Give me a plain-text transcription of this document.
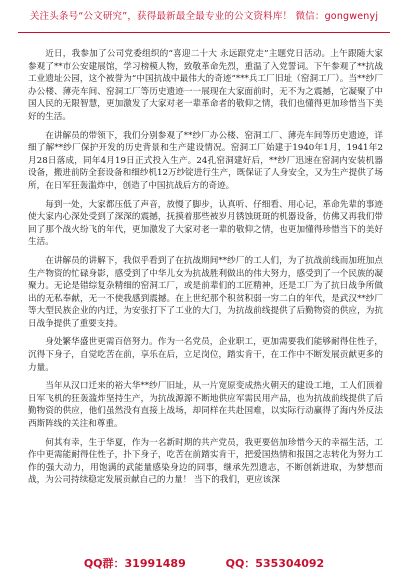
关注头条号“公文研究”，获得最新最全最专业的公文资料库！ 微信：gongwenyj

近日，我参加了公司党委组织的“喜迎二十大 永远跟党走”主题党日活动。上午跟随大家参观了**市公安建展馆，学习榜模人物，致敬革命先烈，重温了入党誓词。下午参观了**抗战工业遗址公园，这个被誉为“中国抗战中最伟大的奇迹”***兵工厂旧址（窑洞工厂）。当**纱厂办公楼、薄壳车间、窑洞工厂等历史遗迹一一展现在大家面前时，无不为之震撼，它凝聚了中国人民的无限智慧，更加激发了大家对老一辈革命者的敬仰之情，我们也懂得更加珍惜当下美好的生活。

在讲解员的带领下，我们分别参观了**纱厂办公楼、窑洞工厂、薄壳车间等历史遗迹，详细了解**纱厂保护开发的历史背景和生产建设情况。窑洞工厂始建于1940年1月，1941年2月28日落成，同年4月19日正式投入生产。24孔窑洞建好后，**纱厂迅速在窑洞内安装机器设备，搬进前防全套设备和细纱机12万纱锭进行生产，既保证了人身安全，又为生产提供了场所，在日军狂轰滥炸中，创造了中国抗战后方的奇迹。

每到一处，大家都压低了声音，放慢了脚步，认真听、仔细看、用心记，革命先辈的事迹使大家内心深处受到了深深的震撼，抚摸着那些被岁月锈蚀斑斑的机器设备，仿佛又再我们带回了那个战火纷飞的年代，更加激发了大家对老一辈的敬仰之情，也更加懂得珍惜当下的美好生活。

在讲解员的讲解下，我似乎看到了在抗战期间**纱厂的工人们，为了抗战前线而加班加点生产物资的忙碌身影，感受到了中华儿女为抗战胜利做出的伟大努力，感受到了一个民族的凝聚力。无论是错综复杂精细的窑洞工厂，或是前辈们的工匠精神，还是工厂为了抗日战争所做出的无私奉献，无一不使我感到震撼。在上世纪那个积贫积弱一穷二白的年代，是武汉**纱厂等大型民族企业的内迁，为安张打下了工业的大门，为抗战前线提供了后勤物资的供应，为抗日战争提供了重要支持。

身处繁华盛世更需百倍努力。作为一名党员，企业职工，更加需要我们能够耐得住性子，沉得下身子，自觉吃苦在前，享乐在后，立足岗位，踏实肯干，在工作中不断发展贡献更多的力量。

当年从汉口迁来的裕大华**纱厂旧址，从一片宽原变成热火朝天的建设工地，工人们顶着日军飞机的狂轰滥炸坚持生产，为抗战源源不断地供应军需民用产品，也为抗战前线提供了后勤物资的供应，他们虽然没有直接上战场，却同样在共赴国难，以实际行动赢得了海内外反法西斯阵线的关注和尊重。

何其有幸，生于华夏，作为一名新时期的共产党员，我更要倍加珍惜今天的幸福生活，工作中更需能耐得住性子，扑下身子，吃苦在前踏实肯干，把爱国热情和报国之志转化为努力工作的强大动力，用饱满的武能量感染身边的同事，继承先烈遗志，不断创新进取，为梦想而战，为公司持续稳定发展贡献自己的力量！ 当下的我们，更应该深

QQ群：31991489	QQ：535304092
